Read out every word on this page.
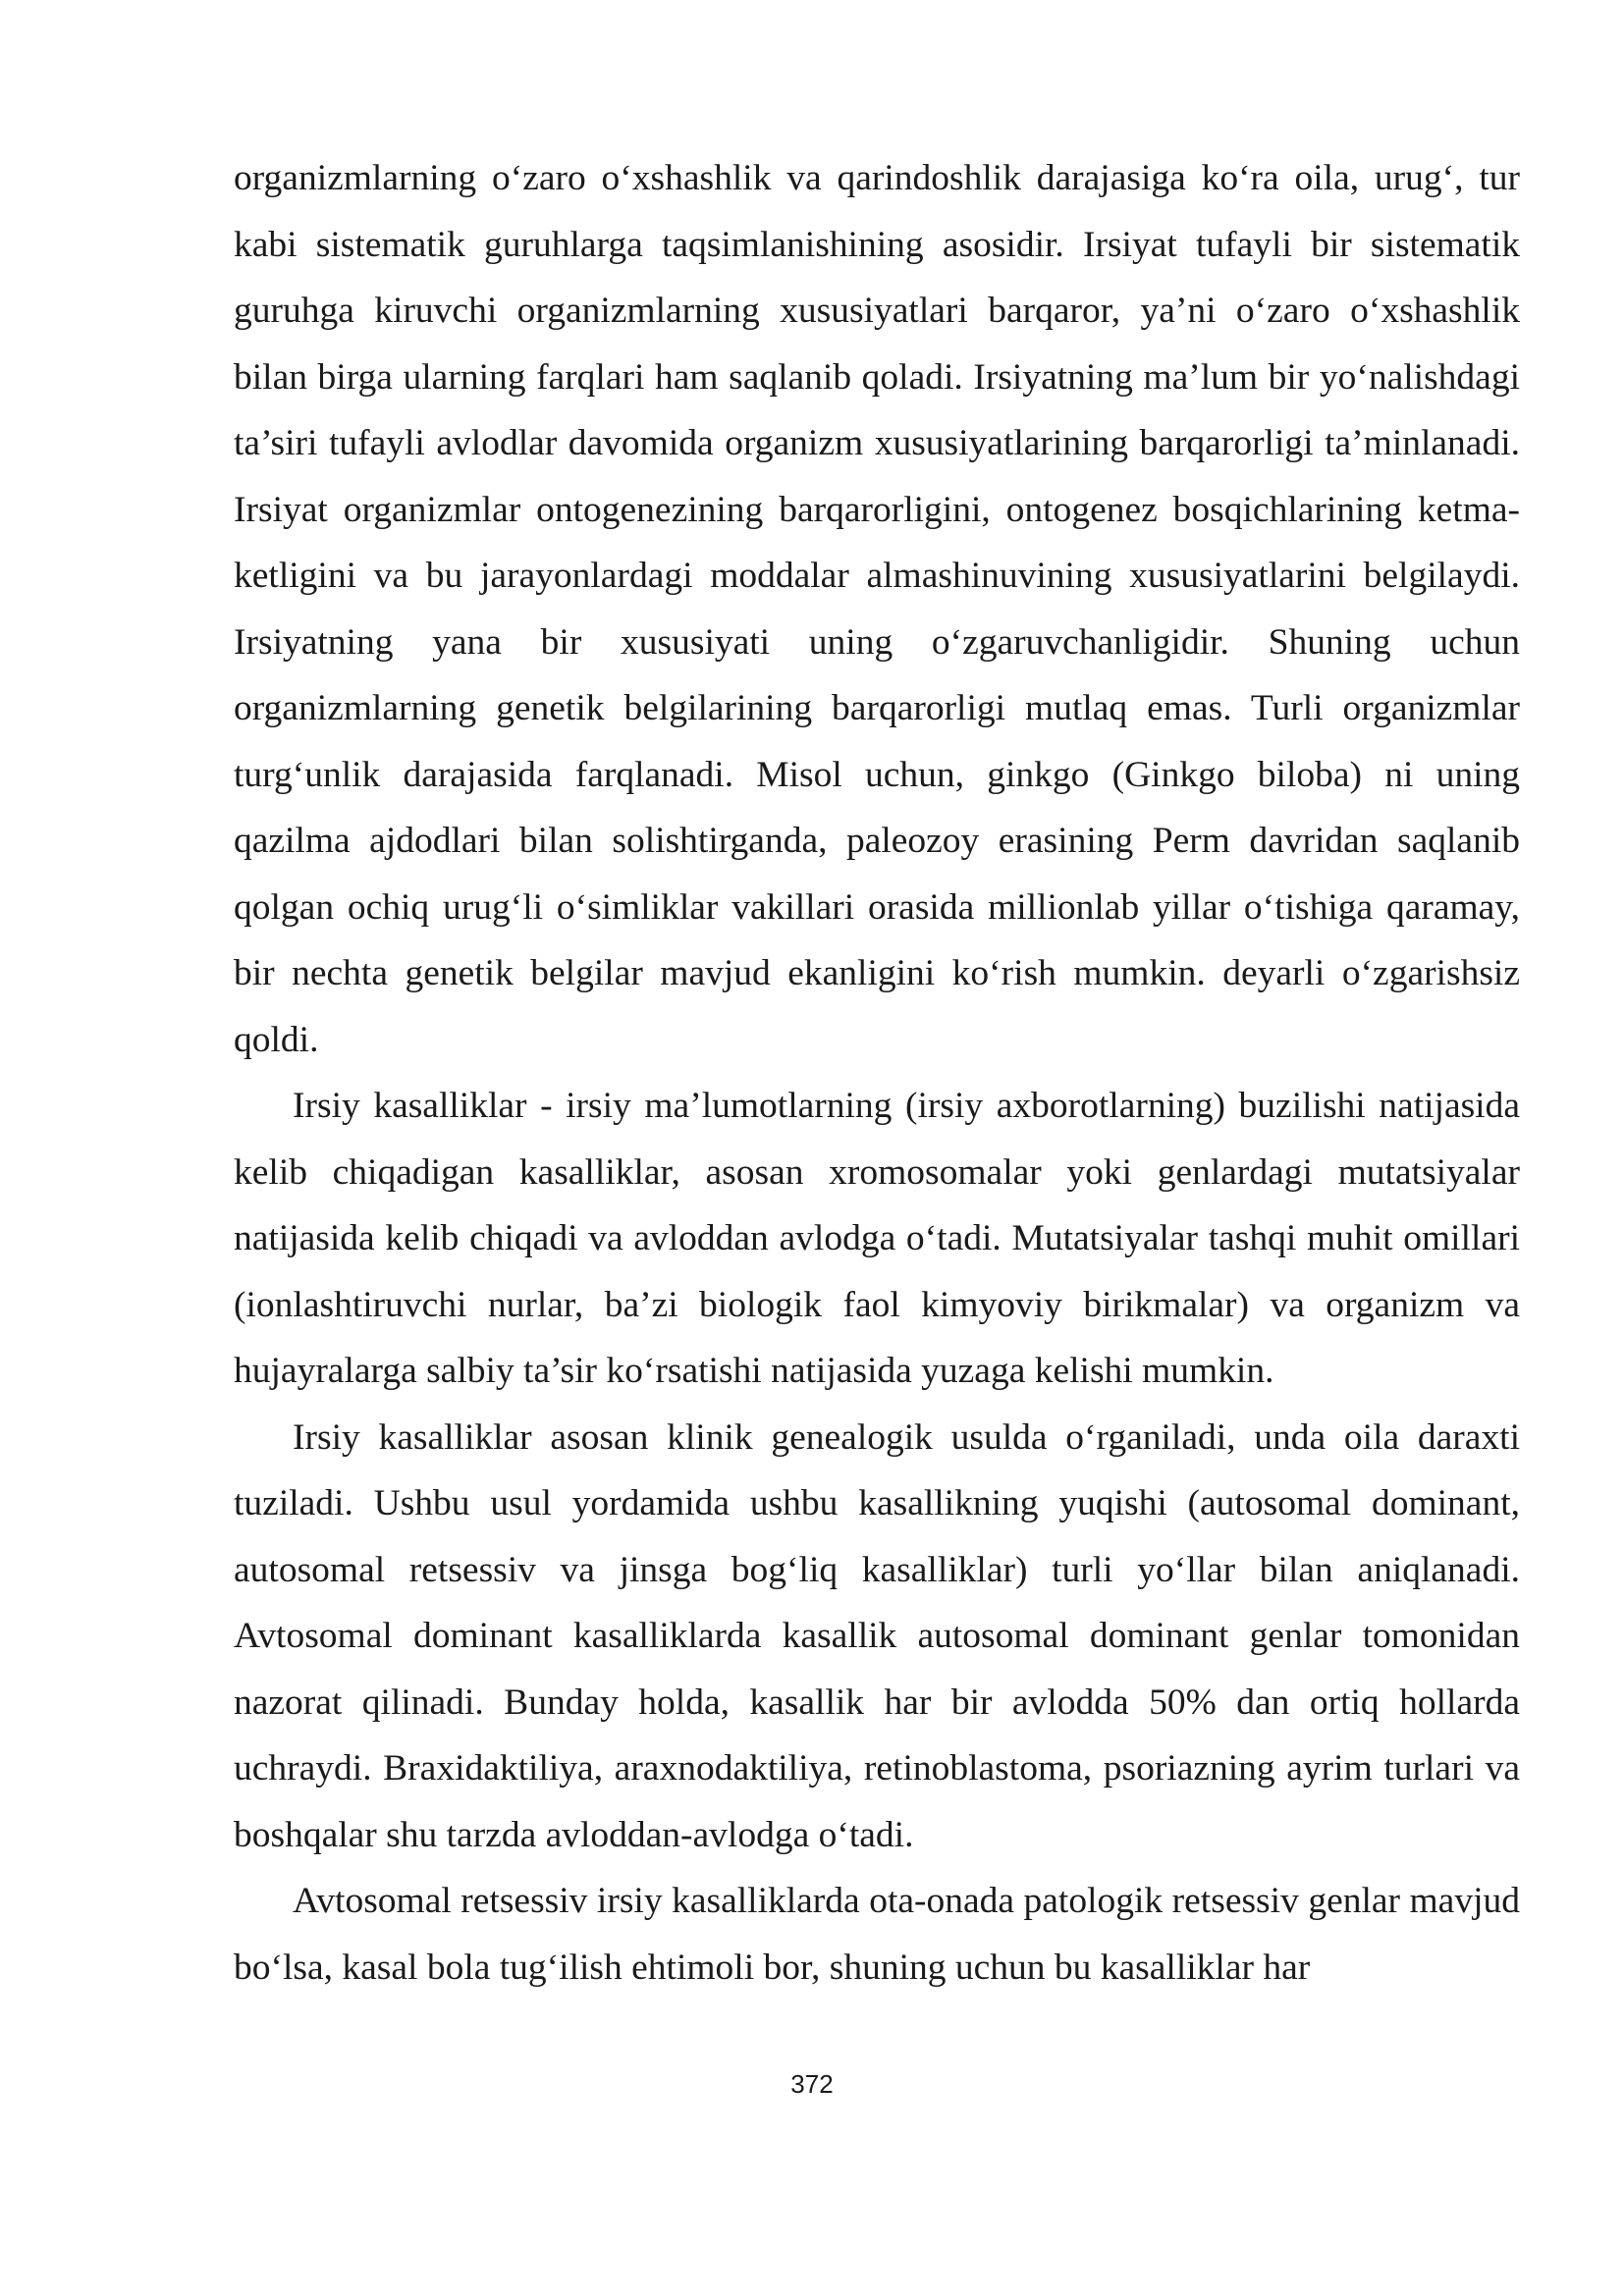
organizmlarning o‘zaro o‘xshashlik va qarindoshlik darajasiga ko‘ra oila, urug‘, tur kabi sistematik guruhlarga taqsimlanishining asosidir. Irsiyat tufayli bir sistematik guruhga kiruvchi organizmlarning xususiyatlari barqaror, ya’ni o‘zaro o‘xshashlik bilan birga ularning farqlari ham saqlanib qoladi. Irsiyatning ma’lum bir yo‘nalishdagi ta’siri tufayli avlodlar davomida organizm xususiyatlarining barqarorligi ta’minlanadi. Irsiyat organizmlar ontogenezining barqarorligini, ontogenez bosqichlarining ketma-ketligini va bu jarayonlardagi moddalar almashinuvining xususiyatlarini belgilaydi. Irsiyatning yana bir xususiyati uning o‘zgaruvchanligidir. Shuning uchun organizmlarning genetik belgilarining barqarorligi mutlaq emas. Turli organizmlar turg‘unlik darajasida farqlanadi. Misol uchun, ginkgo (Ginkgo biloba) ni uning qazilma ajdodlari bilan solishtirganda, paleozoy erasining Perm davridan saqlanib qolgan ochiq urug‘li o‘simliklar vakillari orasida millionlab yillar o‘tishiga qaramay, bir nechta genetik belgilar mavjud ekanligini ko‘rish mumkin. deyarli o‘zgarishsiz qoldi.

Irsiy kasalliklar - irsiy ma’lumotlarning (irsiy axborotlarning) buzilishi natijasida kelib chiqadigan kasalliklar, asosan xromosomalar yoki genlardagi mutatsiyalar natijasida kelib chiqadi va avloddan avlodga o‘tadi. Mutatsiyalar tashqi muhit omillari (ionlashtiruvchi nurlar, ba’zi biologik faol kimyoviy birikmalar) va organizm va hujayralarga salbiy ta’sir ko‘rsatishi natijasida yuzaga kelishi mumkin.

Irsiy kasalliklar asosan klinik genealogik usulda o‘rganiladi, unda oila daraxti tuziladi. Ushbu usul yordamida ushbu kasallikning yuqishi (autosomal dominant, autosomal retsessiv va jinsga bog‘liq kasalliklar) turli yo‘llar bilan aniqlanadi. Avtosomal dominant kasalliklarda kasallik autosomal dominant genlar tomonidan nazorat qilinadi. Bunday holda, kasallik har bir avlodda 50% dan ortiq hollarda uchraydi. Braxidaktiliya, araxnodaktiliya, retinoblastoma, psoriazning ayrim turlari va boshqalar shu tarzda avloddan-avlodga o‘tadi.

Avtosomal retsessiv irsiy kasalliklarda ota-onada patologik retsessiv genlar mavjud bo‘lsa, kasal bola tug‘ilish ehtimoli bor, shuning uchun bu kasalliklar har

372
